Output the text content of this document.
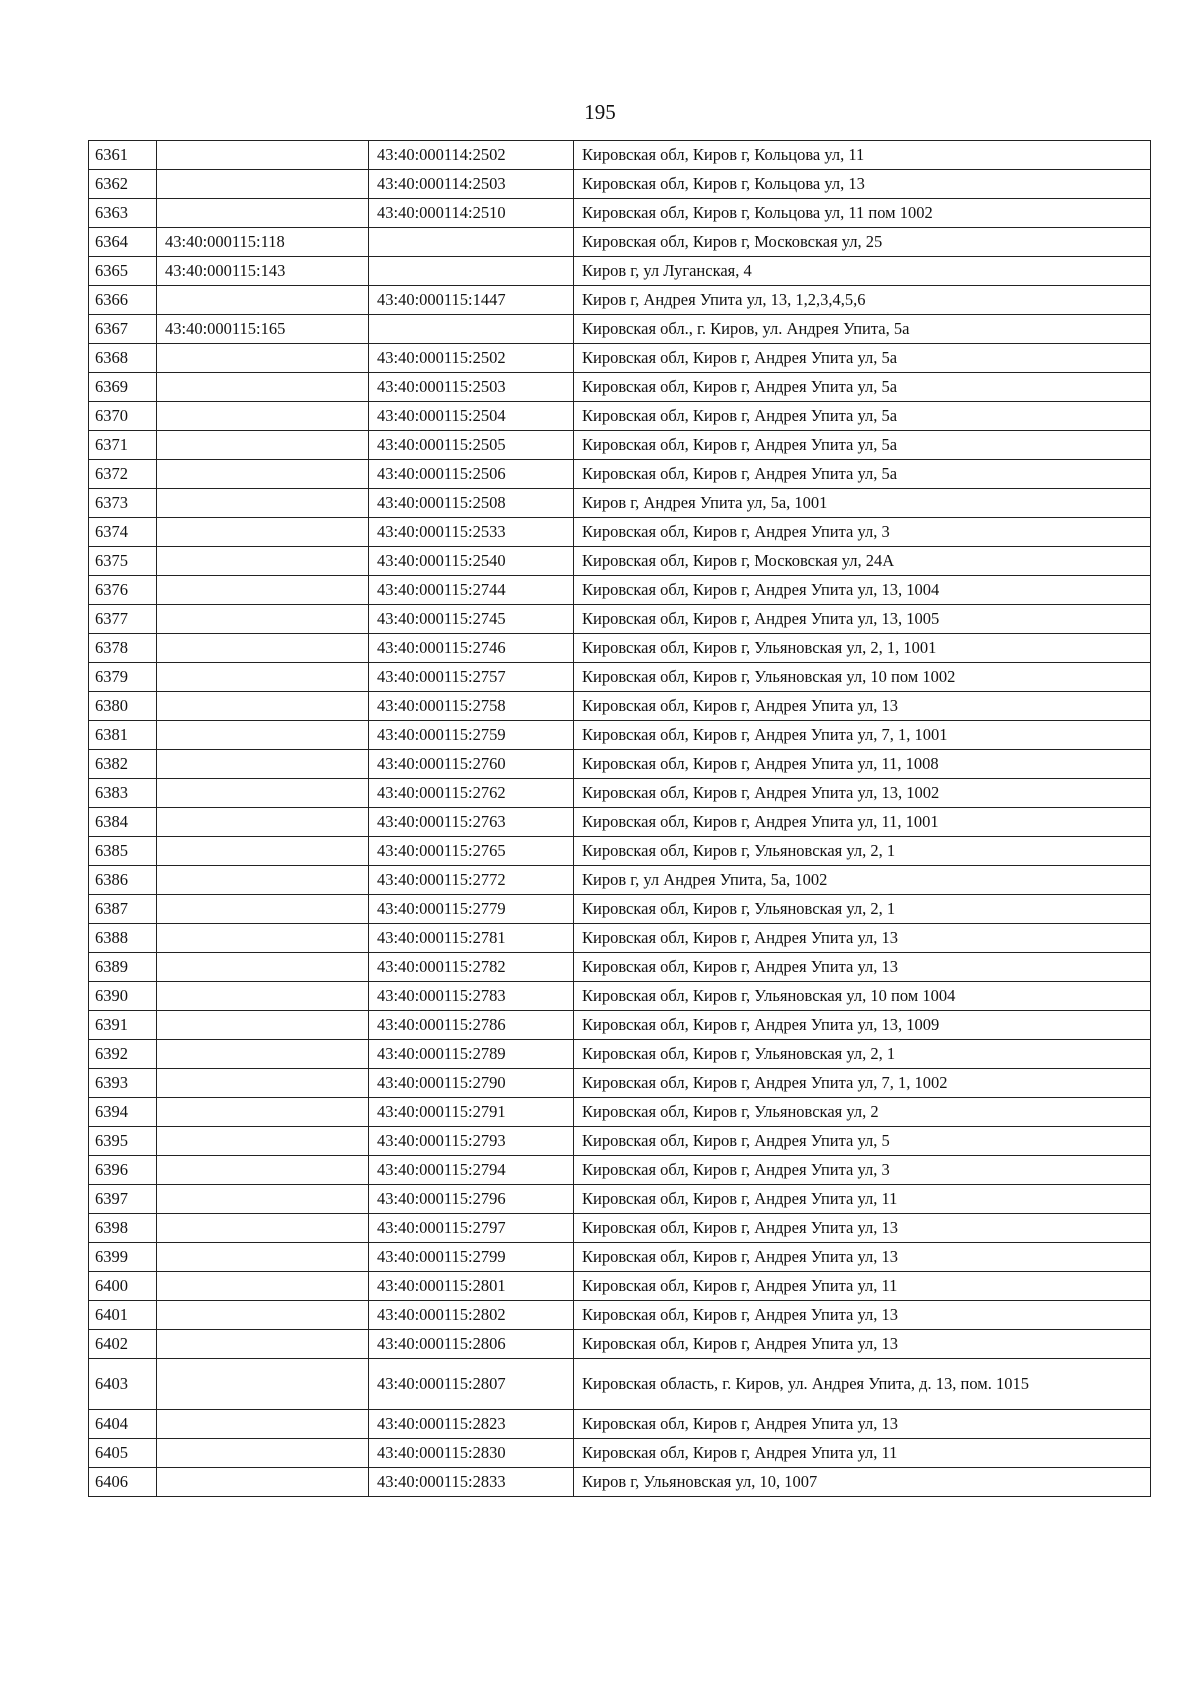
195
6361		43:40:000114:2502	Кировская обл, Киров г, Кольцова ул, 11
6362		43:40:000114:2503	Кировская обл, Киров г, Кольцова ул, 13
6363		43:40:000114:2510	Кировская обл, Киров г, Кольцова ул, 11 пом 1002
6364	43:40:000115:118		Кировская обл, Киров г, Московская ул, 25
6365	43:40:000115:143		Киров г, ул Луганская, 4
6366		43:40:000115:1447	Киров г, Андрея Упита ул, 13, 1,2,3,4,5,6
6367	43:40:000115:165		Кировская обл., г. Киров, ул. Андрея Упита, 5а
6368		43:40:000115:2502	Кировская обл, Киров г, Андрея Упита ул, 5а
6369		43:40:000115:2503	Кировская обл, Киров г, Андрея Упита ул, 5а
6370		43:40:000115:2504	Кировская обл, Киров г, Андрея Упита ул, 5а
6371		43:40:000115:2505	Кировская обл, Киров г, Андрея Упита ул, 5а
6372		43:40:000115:2506	Кировская обл, Киров г, Андрея Упита ул, 5а
6373		43:40:000115:2508	Киров г, Андрея Упита ул, 5а, 1001
6374		43:40:000115:2533	Кировская обл, Киров г, Андрея Упита ул, 3
6375		43:40:000115:2540	Кировская обл, Киров г, Московская ул, 24А
6376		43:40:000115:2744	Кировская обл, Киров г, Андрея Упита ул, 13, 1004
6377		43:40:000115:2745	Кировская обл, Киров г, Андрея Упита ул, 13, 1005
6378		43:40:000115:2746	Кировская обл, Киров г, Ульяновская ул, 2, 1, 1001
6379		43:40:000115:2757	Кировская обл, Киров г, Ульяновская ул, 10 пом 1002
6380		43:40:000115:2758	Кировская обл, Киров г, Андрея Упита ул, 13
6381		43:40:000115:2759	Кировская обл, Киров г, Андрея Упита ул, 7, 1, 1001
6382		43:40:000115:2760	Кировская обл, Киров г, Андрея Упита ул, 11, 1008
6383		43:40:000115:2762	Кировская обл, Киров г, Андрея Упита ул, 13, 1002
6384		43:40:000115:2763	Кировская обл, Киров г, Андрея Упита ул, 11, 1001
6385		43:40:000115:2765	Кировская обл, Киров г, Ульяновская ул, 2, 1
6386		43:40:000115:2772	Киров г, ул Андрея Упита, 5а, 1002
6387		43:40:000115:2779	Кировская обл, Киров г, Ульяновская ул, 2, 1
6388		43:40:000115:2781	Кировская обл, Киров г, Андрея Упита ул, 13
6389		43:40:000115:2782	Кировская обл, Киров г, Андрея Упита ул, 13
6390		43:40:000115:2783	Кировская обл, Киров г, Ульяновская ул, 10 пом 1004
6391		43:40:000115:2786	Кировская обл, Киров г, Андрея Упита ул, 13, 1009
6392		43:40:000115:2789	Кировская обл, Киров г, Ульяновская ул, 2, 1
6393		43:40:000115:2790	Кировская обл, Киров г, Андрея Упита ул, 7, 1, 1002
6394		43:40:000115:2791	Кировская обл, Киров г, Ульяновская ул, 2
6395		43:40:000115:2793	Кировская обл, Киров г, Андрея Упита ул, 5
6396		43:40:000115:2794	Кировская обл, Киров г, Андрея Упита ул, 3
6397		43:40:000115:2796	Кировская обл, Киров г, Андрея Упита ул, 11
6398		43:40:000115:2797	Кировская обл, Киров г, Андрея Упита ул, 13
6399		43:40:000115:2799	Кировская обл, Киров г, Андрея Упита ул, 13
6400		43:40:000115:2801	Кировская обл, Киров г, Андрея Упита ул, 11
6401		43:40:000115:2802	Кировская обл, Киров г, Андрея Упита ул, 13
6402		43:40:000115:2806	Кировская обл, Киров г, Андрея Упита ул, 13
6403		43:40:000115:2807	Кировская область, г. Киров, ул. Андрея Упита, д. 13, пом. 1015
6404		43:40:000115:2823	Кировская обл, Киров г, Андрея Упита ул, 13
6405		43:40:000115:2830	Кировская обл, Киров г, Андрея Упита ул, 11
6406		43:40:000115:2833	Киров г, Ульяновская ул, 10, 1007
